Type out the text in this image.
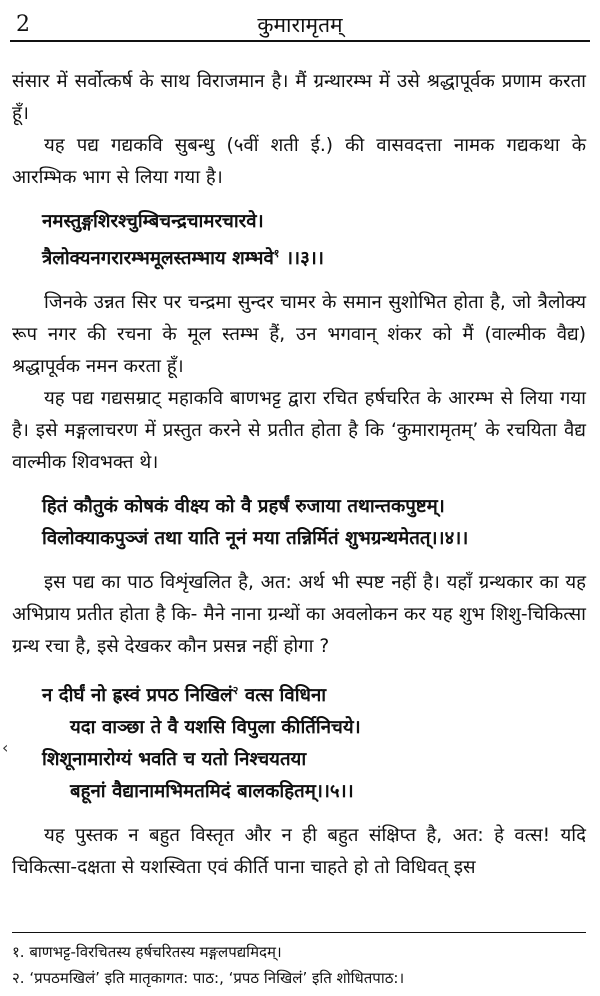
2	कुमारामृतम्
‹

संसार में सर्वोत्कर्ष के साथ विराजमान है। मैं ग्रन्थारम्भ में उसे श्रद्धापूर्वक प्रणाम करता हूँ।

यह पद्य गद्यकवि सुबन्धु (५वीं शती ई.) की वासवदत्ता नामक गद्यकथा के आरम्भिक भाग से लिया गया है।

नमस्तुङ्गशिरश्चुम्बिचन्द्रचामरचारवे।
त्रैलोक्यनगरारम्भमूलस्तम्भाय शम्भवे$^१$ ।।३।।

जिनके उन्नत सिर पर चन्द्रमा सुन्दर चामर के समान सुशोभित होता है, जो त्रैलोक्य रूप नगर की रचना के मूल स्तम्भ हैं, उन भगवान् शंकर को मैं (वाल्मीक वैद्य) श्रद्धापूर्वक नमन करता हूँ।

यह पद्य गद्यसम्राट् महाकवि बाणभट्ट द्वारा रचित हर्षचरित के आरम्भ से लिया गया है। इसे मङ्गलाचरण में प्रस्तुत करने से प्रतीत होता है कि ‘कुमारामृतम्’ के रचयिता वैद्य वाल्मीक शिवभक्त थे।

हितं कौतुकं कोषकं वीक्ष्य को वै प्रहर्षं रुजाया तथान्तकपुष्टम्।
विलोक्याकपुञ्जं तथा याति नूनं मया तन्निर्मितं शुभग्रन्थमेतत्।।४।।

इस पद्य का पाठ विशृंखलित है, अत: अर्थ भी स्पष्ट नहीं है। यहाँ ग्रन्थकार का यह अभिप्राय प्रतीत होता है कि- मैने नाना ग्रन्थों का अवलोकन कर यह शुभ शिशु-चिकित्सा ग्रन्थ रचा है, इसे देखकर कौन प्रसन्न नहीं होगा ?

न दीर्घं नो ह्रस्वं प्रपठ निखिलं$^२$ वत्स विधिना
यदा वाञ्छा ते वै यशसि विपुला कीर्तिनिचये।
शिशूनामारोग्यं भवति च यतो निश्चयतया
बहूनां वैद्यानामभिमतमिदं बालकहितम्।।५।।

यह पुस्तक न बहुत विस्तृत और न ही बहुत संक्षिप्त है, अत: हे वत्स! यदि चिकित्सा-दक्षता से यशस्विता एवं कीर्ति पाना चाहते हो तो विधिवत् इस

१. बाणभट्ट-विरचितस्य हर्षचरितस्य मङ्गलपद्यमिदम्।

२. ‘प्रपठमखिलं’ इति मातृकागत: पाठ:, ‘प्रपठ निखिलं’ इति शोधितपाठ:।
